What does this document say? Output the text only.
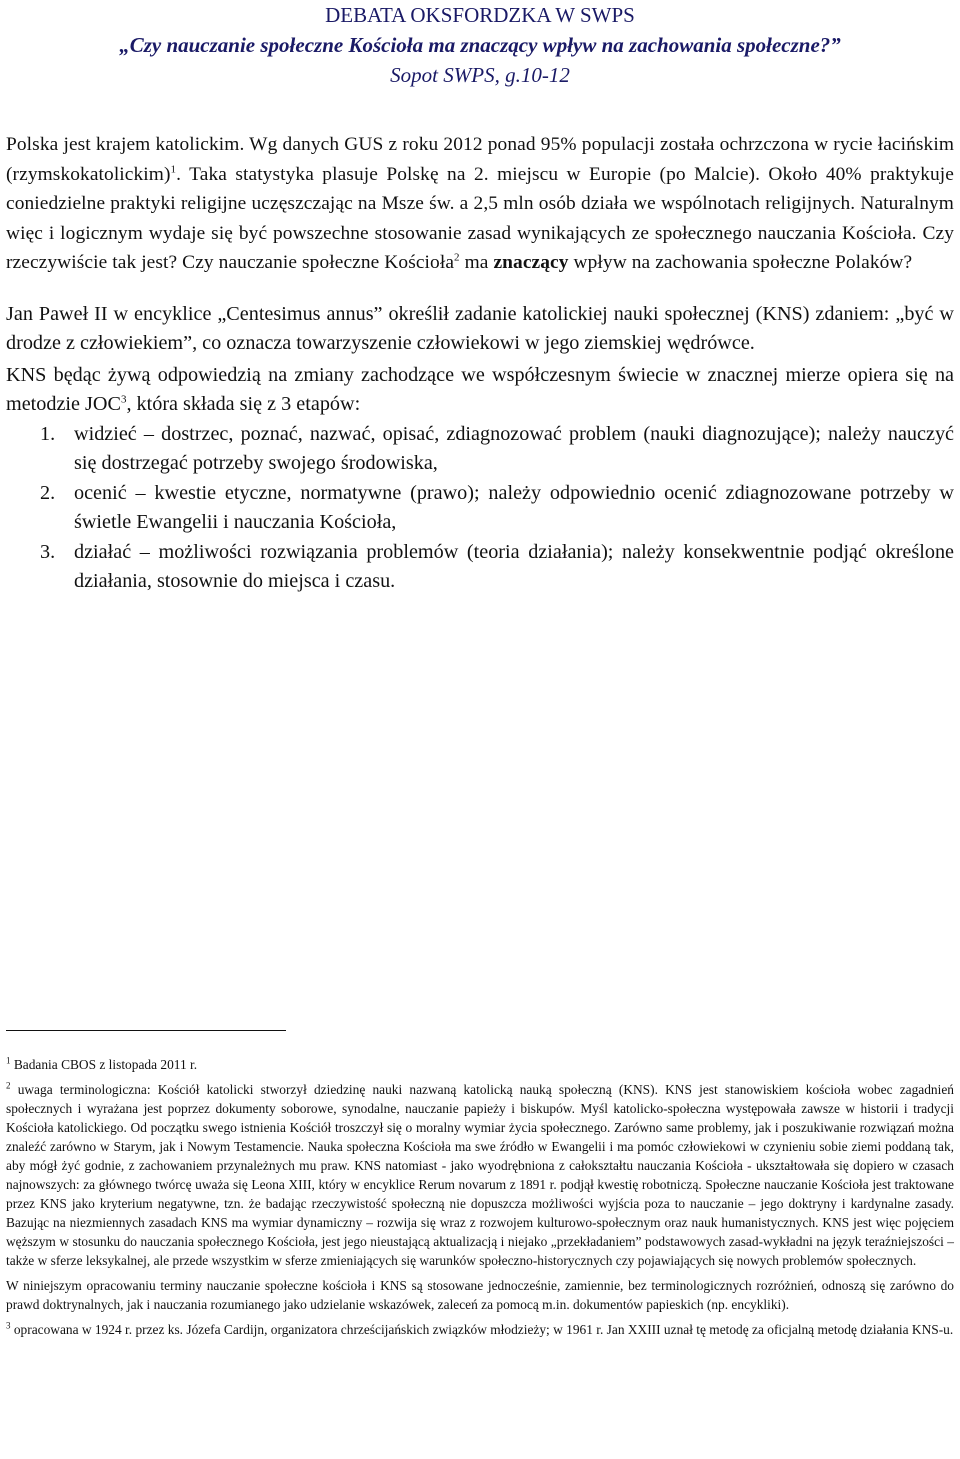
DEBATA OKSFORDZKA W SWPS
„Czy nauczanie społeczne Kościoła ma znaczący wpływ na zachowania społeczne?”
Sopot SWPS, g.10-12
Polska jest krajem katolickim. Wg danych GUS z roku 2012 ponad 95% populacji została ochrzczona w rycie łacińskim (rzymskokatolickim)$^1$. Taka statystyka plasuje Polskę na 2. miejscu w Europie (po Malcie). Około 40% praktykuje coniedzielne praktyki religijne uczęszczając na Msze św. a 2,5 mln osób działa we wspólnotach religijnych. Naturalnym więc i logicznym wydaje się być powszechne stosowanie zasad wynikających ze społecznego nauczania Kościoła. Czy rzeczywiście tak jest? Czy nauczanie społeczne Kościoła$^2$ ma znaczący wpływ na zachowania społeczne Polaków?
Jan Paweł II w encyklice „Centesimus annus” określił zadanie katolickiej nauki społecznej (KNS) zdaniem: „być w drodze z człowiekiem”, co oznacza towarzyszenie człowiekowi w jego ziemskiej wędrówce.
KNS będąc żywą odpowiedzią na zmiany zachodzące we współczesnym świecie w znacznej mierze opiera się na metodzie JOC$^3$, która składa się z 3 etapów:
1. widzieć – dostrzec, poznać, nazwać, opisać, zdiagnozować problem (nauki diagnozujące); należy nauczyć się dostrzegać potrzeby swojego środowiska,
2. ocenić – kwestie etyczne, normatywne (prawo); należy odpowiednio ocenić zdiagnozowane potrzeby w świetle Ewangelii i nauczania Kościoła,
3. działać – możliwości rozwiązania problemów (teoria działania); należy konsekwentnie podjąć określone działania, stosownie do miejsca i czasu.
$^1$ Badania CBOS z listopada 2011 r.
$^2$ uwaga terminologiczna: Kościół katolicki stworzył dziedzinę nauki nazwaną katolicką nauką społeczną (KNS). KNS jest stanowiskiem kościoła wobec zagadnień społecznych i wyrażana jest poprzez dokumenty soborowe, synodalne, nauczanie papieży i biskupów. Myśl katolicko-społeczna występowała zawsze w historii i tradycji Kościoła katolickiego. Od początku swego istnienia Kościół troszczył się o moralny wymiar życia społecznego. Zarówno same problemy, jak i poszukiwanie rozwiązań można znaleźć zarówno w Starym, jak i Nowym Testamencie. Nauka społeczna Kościoła ma swe źródło w Ewangelii i ma pomóc człowiekowi w czynieniu sobie ziemi poddaną tak, aby mógł żyć godnie, z zachowaniem przynależnych mu praw. KNS natomiast - jako wyodrębniona z całokształtu nauczania Kościoła - ukształtowała się dopiero w czasach najnowszych: za głównego twórcę uważa się Leona XIII, który w encyklice Rerum novarum z 1891 r. podjął kwestię robotniczą. Społeczne nauczanie Kościoła jest traktowane przez KNS jako kryterium negatywne, tzn. że badając rzeczywistość społeczną nie dopuszcza możliwości wyjścia poza to nauczanie – jego doktryny i kardynalne zasady. Bazując na niezmiennych zasadach KNS ma wymiar dynamiczny – rozwija się wraz z rozwojem kulturowo-społecznym oraz nauk humanistycznych. KNS jest więc pojęciem węższym w stosunku do nauczania społecznego Kościoła, jest jego nieustającą aktualizacją i niejako „przekładaniem” podstawowych zasad-wykładni na język teraźniejszości – także w sferze leksykalnej, ale przede wszystkim w sferze zmieniających się warunków społeczno-historycznych czy pojawiających się nowych problemów społecznych.
W niniejszym opracowaniu terminy nauczanie społeczne kościoła i KNS są stosowane jednocześnie, zamiennie, bez terminologicznych rozróżnień, odnoszą się zarówno do prawd doktrynalnych, jak i nauczania rozumianego jako udzielanie wskazówek, zaleceń za pomocą m.in. dokumentów papieskich (np. encykliki).
$^3$ opracowana w 1924 r. przez ks. Józefa Cardijn, organizatora chrześcijańskich związków młodzieży; w 1961 r. Jan XXIII uznał tę metodę za oficjalną metodę działania KNS-u.
